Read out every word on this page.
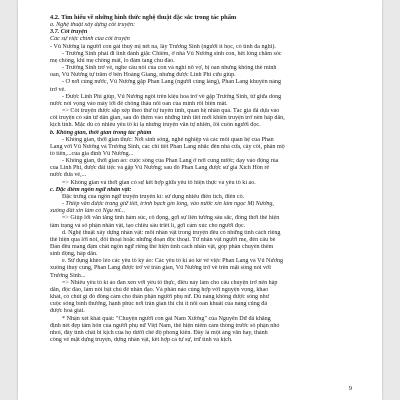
4.2. Tìm hiểu về những hình thức nghệ thuật đặc sắc trong tác phẩm
a. Nghệ thuật xây dựng cốt truyện:
3.7. Cốt truyện
Các sự việc chính của cốt truyện
- Vũ Nương là người con gái thuỳ mị nết na, lấy Trương Sinh (người ít học, có tính đa nghi).
- Trương Sinh phải đi lính đánh giặc Chiêm, ở nhà Vũ Nương sinh con, hết lòng chăm sóc
mẹ chồng, khi mẹ chồng mất, lo đám tang chu đáo.
- Trương Sinh trở về, nghe câu nói của con và nghi nỗ vợ, bị oan nhưng không thể minh
oan, Vũ Nương tự trẫm ở bến Hoàng Giang, nhưng được Linh Phi cứu giúp.
- Ở nơi cùng nước, Vũ Nương gặp Phan Lang (người cùng làng), Phan Lang khuyên nàng
trở về.
- Được Linh Phi giúp, Vũ Nương ngồi trên kiệu hoa trở về gặp Trương Sinh, từ giữa dòng
nước nói vọng vào mấy lời để chồng thấu nỗi oan của mình rồi biến mất.
=> Cốt truyện được sắp xếp theo thứ tự tuyến tính, quan hệ nhân quả. Tác giả đã dựa vào
cốt truyện có sẵn từ dân gian, sau đó thêm vào những tình tiết mới khiến truyện trở nên hấp dẫn,
kịch tính. Mặc dù có nhiều yếu tố kì lạ nhưng truyện vẫn tự nhiên, lôi cuốn người đọc.
b. Không gian, thời gian trong tác phẩm
- Không gian, thời gian thực: Nơi sinh sống, nghề nghiệp và các mối quan hệ của Phan
Lang với Vũ Nương và Trương Sinh, các chi tiết Phan Lang nhắc đến nhà cửa, cây cối, phần mộ
tổ tiên,...của gia đình Vũ Nương...
- Không gian, thời gian ảo: cuộc sống của Phan Lang ở nơi cung nước; dạy vào động rùa
của Linh Phi, được đãi tiệc và gặp Vũ Nương; sau đó Phan Lang được sứ giả Xích Hồn rẽ
nước đưa về,...
=> Không gian và thời gian có sự kết hợp giữa yếu tố hiện thực và yếu tố kì ảo.
c. Đặc điểm ngôn ngữ nhân vật:
Đặc trưng của ngôn ngữ truyện truyền kì: sử dụng nhiều điển tích, điển cố.
- Thiếp vẫn được trang giữ tiết, trinh bạch gìn lòng, vào nước xin làm ngọc Mị Nương,
xuống đất xin làm cỏ Ngu mĩ...
=> Giúp lời văn tăng tính hàm súc, cô đọng, gợi sự liên tưởng sâu sắc, đồng thời thể hiện
tâm trạng và số phận nhân vật, tạo chiều sâu triết lí, gợi cảm xúc cho người đọc.
d. Nghệ thuật xây dựng nhân vật: mỗi nhân vật trong truyện đều có những tính cách riêng
thể hiện qua lời nói, đối thoại hoặc những đoạn độc thoại. Từ nhân vật người mẹ, đến câu bé
Đản đều mang đậm chất ngôn ngữ riêng thể hiện tính cách nhân vật, góp phần chuyển thêm
sinh động, hấp dẫn.
e. Sử dụng khéo léo các yếu tố kỳ ảo: Các yếu tố kì ảo kể về việc Phan Lang và Vũ Nương
xuống thuỷ cung, Phan Lang được trở về trần gian, Vũ Nương trở về trên mặt sông nói với
Trương Sinh...
=> Nhiều yếu tố kì ảo đan xen với yếu tố thực, điều này làm cho câu chuyện trở nên hấp
dẫn, độc đáo, làm nổi bật chủ đề nhân đạo. Và phần nào củng hợp với nguyện vọng, khao
khát, có chút gì đó đồng cảm cho thân phận người phụ nữ. Dù nàng không được sống như
cuộc sống bình thường, hạnh phúc nơi trần gian thì chí ít nỗi oan khuất của nàng cũng đã
được hoá giải.
* Nhận xét khái quát: "Chuyện người con gái Nam Xương" của Nguyễn Dữ đã khẳng
định nét đẹp tâm hồn của người phụ nữ Việt Nam, thể hiện niềm cảm thông trước số phận nhỏ
nhoi, đầy tính chất bi kịch của họ dưới chế độ phong kiến. Đây là một áng văn hay, thành
công về mặt dựng truyện, dựng nhân vật, kết hợp cả tự sự, trữ tình và kịch.
9
